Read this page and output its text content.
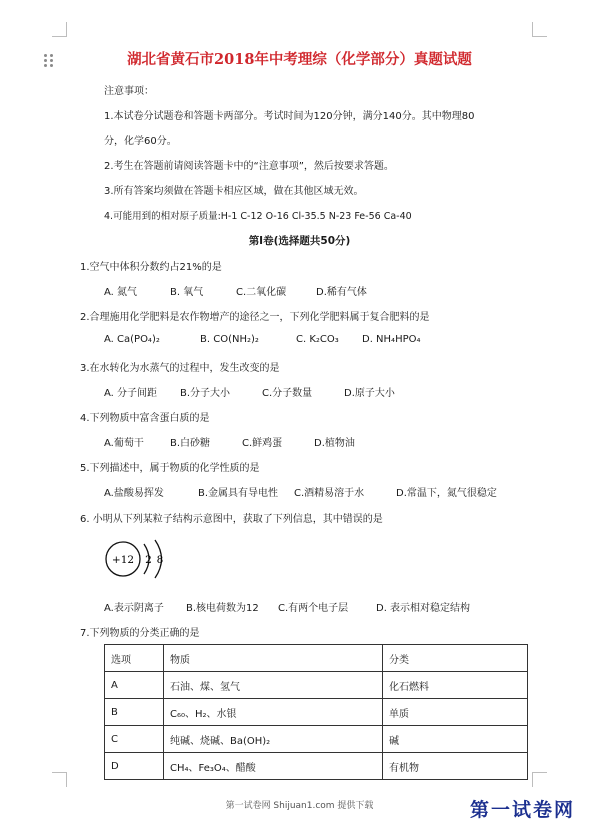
湖北省黄石市2018年中考理综（化学部分）真题试题
注意事项：
1.本试卷分试题卷和答题卡两部分。考试时间为120分钟，满分140分。其中物理80
分，化学60分。
2.考生在答题前请阅读答题卡中的“注意事项”，然后按要求答题。
3.所有答案均须做在答题卡相应区域，做在其他区域无效。
4.可能用到的相对原子质量:H-1 C-12 O-16 Cl-35.5 N-23 Fe-56 Ca-40
第Ⅰ卷(选择题共50分)
1.空气中体积分数约占21%的是
A. 氮气	B. 氧气	C.二氧化碳	D.稀有气体
2.合理施用化学肥料是农作物增产的途径之一，下列化学肥料属于复合肥料的是
A. Ca(PO₄)₂	B. CO(NH₂)₂	C. K₂CO₃ D. NH₄HPO₄
3.在水转化为水蒸气的过程中，发生改变的是
A. 分子间距 B.分子大小	C.分子数量	D.原子大小
4.下列物质中富含蛋白质的是
A.葡萄干	B.白砂糖	C.鲜鸡蛋	D.植物油
5.下列描述中，属于物质的化学性质的是
A.盐酸易挥发	B.金属具有导电性 C.酒精易溶于水	D.常温下，氮气很稳定
6. 小明从下列某粒子结构示意图中，获取了下列信息，其中错误的是
+12 2 8
A.表示阴离子 B.核电荷数为12 C.有两个电子层	D. 表示相对稳定结构
7.下列物质的分类正确的是
选项	物质	分类
A	石油、煤、氢气	化石燃料
B	C₆₀、H₂、水银	单质
C	纯碱、烧碱、Ba(OH)₂	碱
D	CH₄、Fe₃O₄、醋酸	有机物
第一试卷网 Shijuan1.com 提供下载	第一试卷网
